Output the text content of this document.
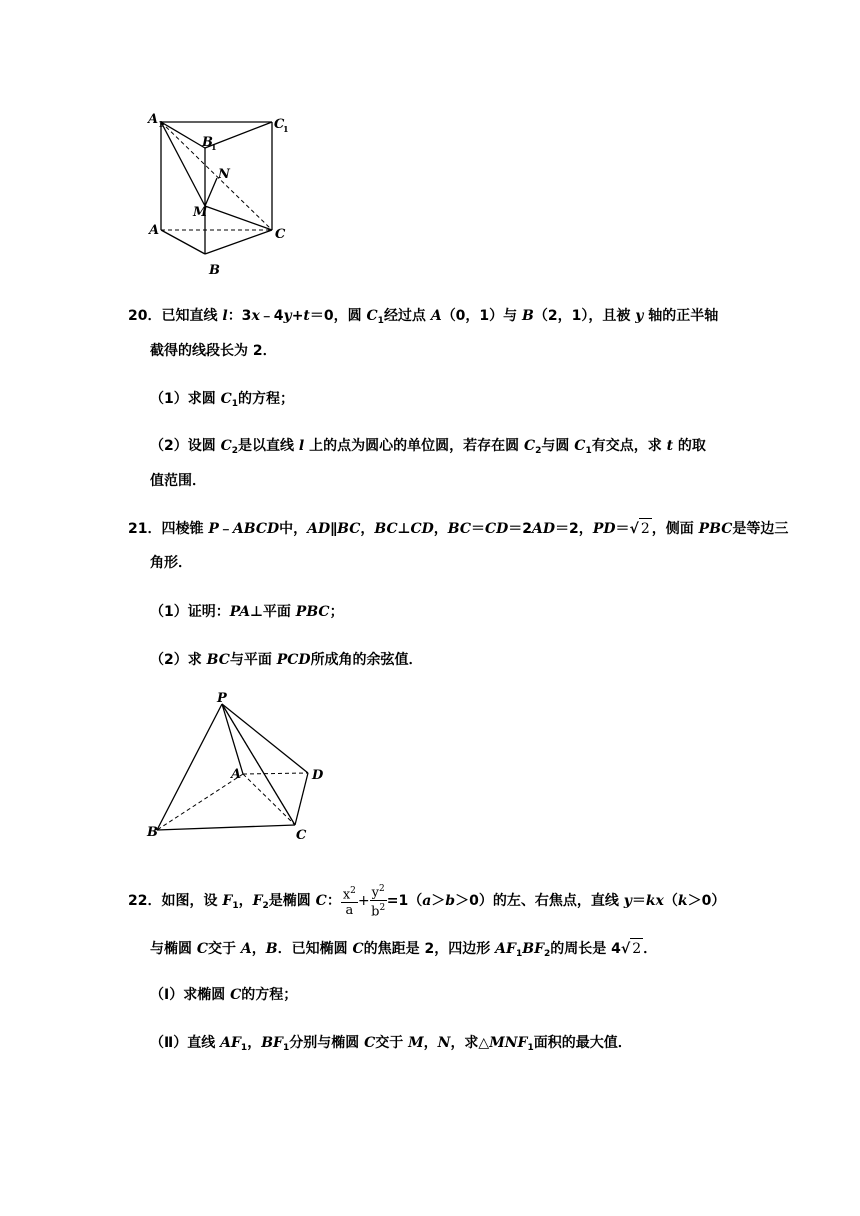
A 1
B
1
C
1
N
M
A	C
B
20．已知直线 l：3x﹣4y+t＝0，圆 $C_1$经过点 A（0，1）与 B（2，1），且被 y 轴的正半轴
截得的线段长为 2．
（1）求圆 $C_1$的方程；
（2）设圆 $C_2$是以直线 l 上的点为圆心的单位圆，若存在圆 $C_2$与圆 $C_1$有交点，求 t 的取
值范围．
21．四棱锥 P﹣ABCD中，AD∥BC，BC⊥CD，BC＝CD＝2AD＝2，PD＝√ 2 ，侧面 PBC是等边三
角形．
（1）证明：PA⊥平面 PBC；
（2）求 BC与平面 PCD所成角的余弦值．
P
A	D
B	C
22．如图，设 $F_1$，$F_2$是椭圆 C： $\frac{x^2}{a} + \frac{y^2}{b^2} =1(a>b>0)$的左、右焦点，直线 y＝kx（k＞0）
与椭圆 C交于 A，B．已知椭圆 C的焦距是 2，四边形 $AF_1BF_2$的周长是 4√ 2 ．
（Ⅰ）求椭圆 C的方程；
（Ⅱ）直线 $AF_1$，$BF_1$分别与椭圆 C交于 M，N，求$\triangle MNF_1$面积的最大值．
